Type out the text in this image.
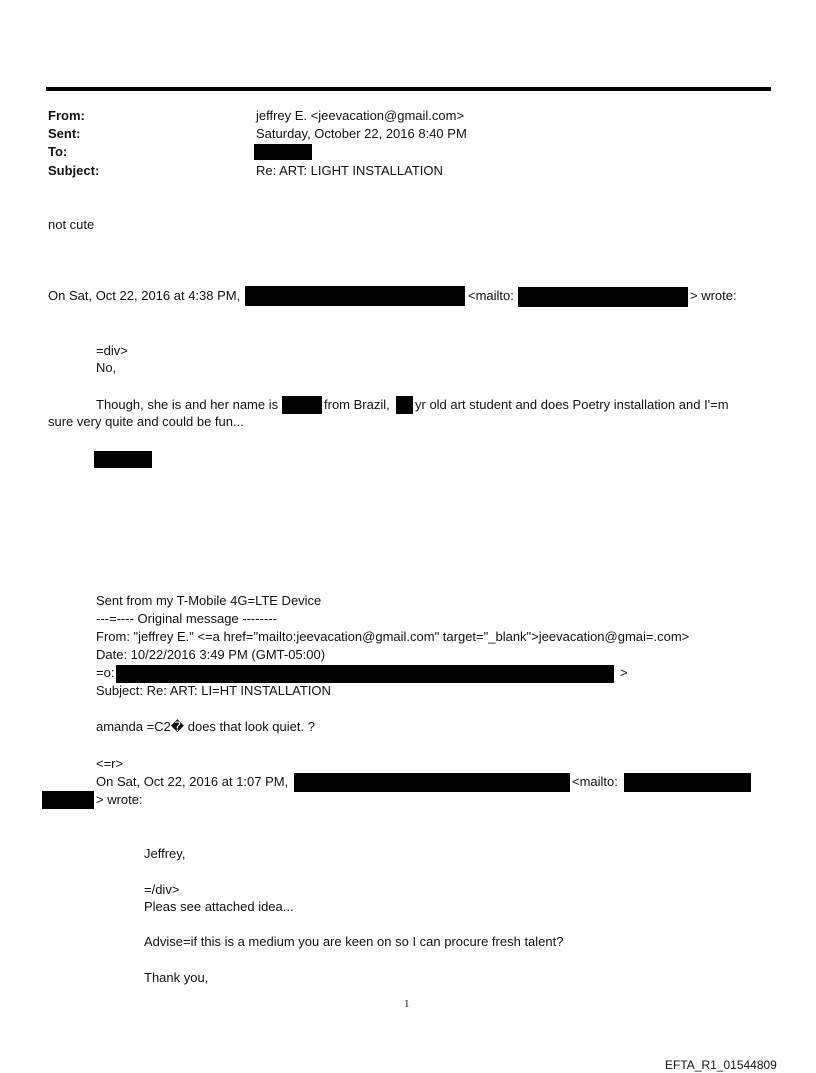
From:	jeffrey E. <jeevacation@gmail.com>
Sent:	Saturday, October 22, 2016 8:40 PM
To:
Subject:	Re: ART: LIGHT INSTALLATION
not cute
On Sat, Oct 22, 2016 at 4:38 PM,	<mailto:	> wrote:
=div>
No,
Though, she is and her name is	from Brazil, yr old art student and does Poetry installation and I'=m
sure very quite and could be fun...
Sent from my T-Mobile 4G=LTE Device
---=---- Original message --------
From: "jeffrey E." <=a href="mailto:jeevacation@gmail.com" target="_blank">jeevacation@gmai=.com>
Date: 10/22/2016 3:49 PM (GMT-05:00)
=o:	>
Subject: Re: ART: LI=HT INSTALLATION
amanda =C2� does that look quiet. ?
<=r>
On Sat, Oct 22, 2016 at 1:07 PM,	<mailto:
> wrote:
Jeffrey,
=/div>
Pleas see attached idea...
Advise=if this is a medium you are keen on so I can procure fresh talent?
Thank you,
1
EFTA_R1_01544809
